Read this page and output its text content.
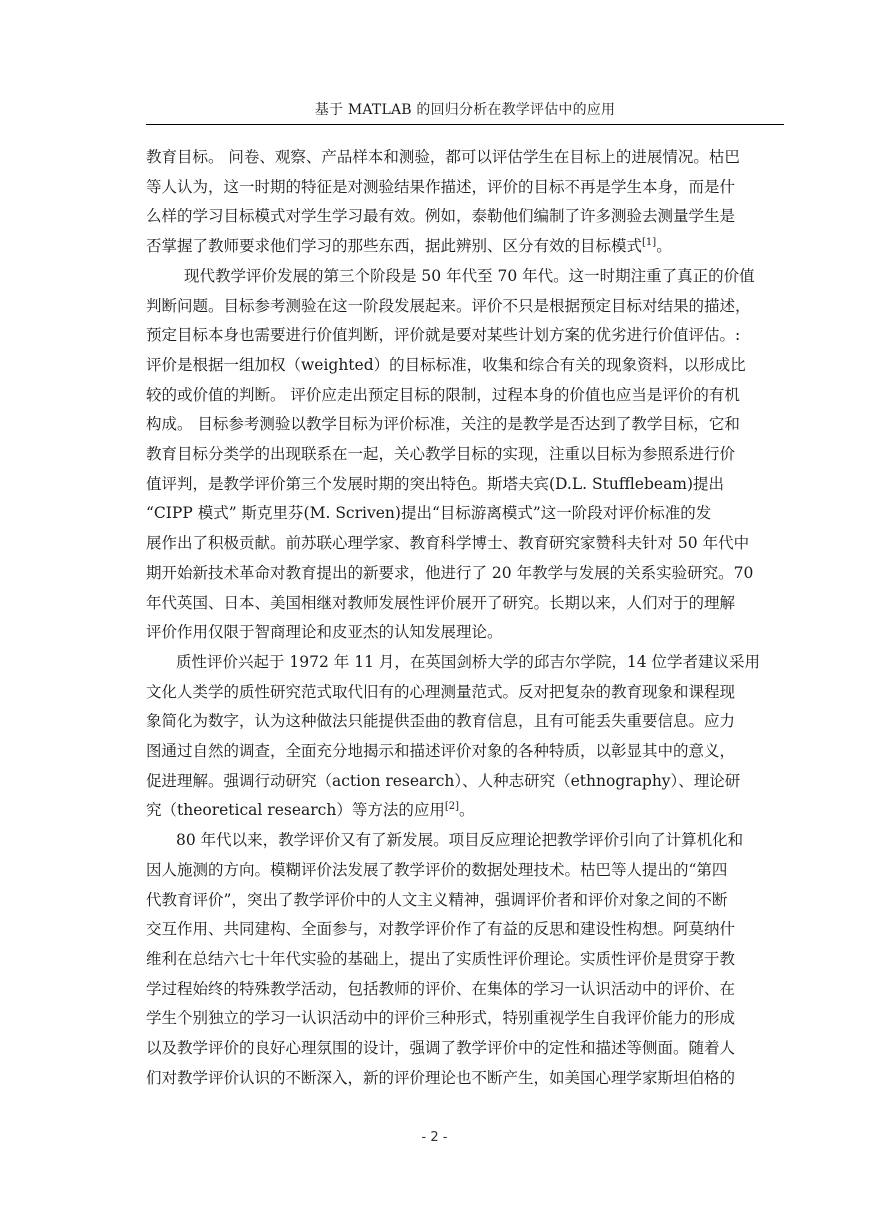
基于 MATLAB 的回归分析在教学评估中的应用
教育目标。 问卷、观察、产品样本和测验，都可以评估学生在目标上的进展情况。枯巴
等人认为，这一时期的特征是对测验结果作描述，评价的目标不再是学生本身，而是什
么样的学习目标模式对学生学习最有效。例如，泰勒他们编制了许多测验去测量学生是
否掌握了教师要求他们学习的那些东西，据此辨别、区分有效的目标模式[1]。
现代教学评价发展的第三个阶段是 50 年代至 70 年代。这一时期注重了真正的价值
判断问题。目标参考测验在这一阶段发展起来。评价不只是根据预定目标对结果的描述，
预定目标本身也需要进行价值判断，评价就是要对某些计划方案的优劣进行价值评估。:
评价是根据一组加权（weighted）的目标标准，收集和综合有关的现象资料，以形成比
较的或价值的判断。 评价应走出预定目标的限制，过程本身的价值也应当是评价的有机
构成。 目标参考测验以教学目标为评价标准，关注的是教学是否达到了教学目标，它和
教育目标分类学的出现联系在一起，关心教学目标的实现，注重以目标为参照系进行价
值评判，是教学评价第三个发展时期的突出特色。斯塔夫宾(D.L. Stufflebeam)提出
“CIPP 模式” 斯克里芬(M. Scriven)提出“目标游离模式”这一阶段对评价标准的发
展作出了积极贡献。前苏联心理学家、教育科学博士、教育研究家赞科夫针对 50 年代中
期开始新技术革命对教育提出的新要求，他进行了 20 年教学与发展的关系实验研究。70
年代英国、日本、美国相继对教师发展性评价展开了研究。长期以来，人们对于的理解
评价作用仅限于智商理论和皮亚杰的认知发展理论。
质性评价兴起于 1972 年 11 月，在英国剑桥大学的邱吉尔学院，14 位学者建议采用
文化人类学的质性研究范式取代旧有的心理测量范式。反对把复杂的教育现象和课程现
象简化为数字，认为这种做法只能提供歪曲的教育信息，且有可能丢失重要信息。应力
图通过自然的调查，全面充分地揭示和描述评价对象的各种特质，以彰显其中的意义，
促进理解。强调行动研究（action research）、人种志研究（ethnography）、理论研
究（theoretical research）等方法的应用[2]。
80 年代以来，教学评价又有了新发展。项目反应理论把教学评价引向了计算机化和
因人施测的方向。模糊评价法发展了教学评价的数据处理技术。枯巴等人提出的“第四
代教育评价”，突出了教学评价中的人文主义精神，强调评价者和评价对象之间的不断
交互作用、共同建构、全面参与，对教学评价作了有益的反思和建设性构想。阿莫纳什
维利在总结六七十年代实验的基础上，提出了实质性评价理论。实质性评价是贯穿于教
学过程始终的特殊教学活动，包括教师的评价、在集体的学习一认识活动中的评价、在
学生个别独立的学习一认识活动中的评价三种形式，特别重视学生自我评价能力的形成
以及教学评价的良好心理氛围的设计，强调了教学评价中的定性和描述等侧面。随着人
们对教学评价认识的不断深入，新的评价理论也不断产生，如美国心理学家斯坦伯格的
- 2 -
